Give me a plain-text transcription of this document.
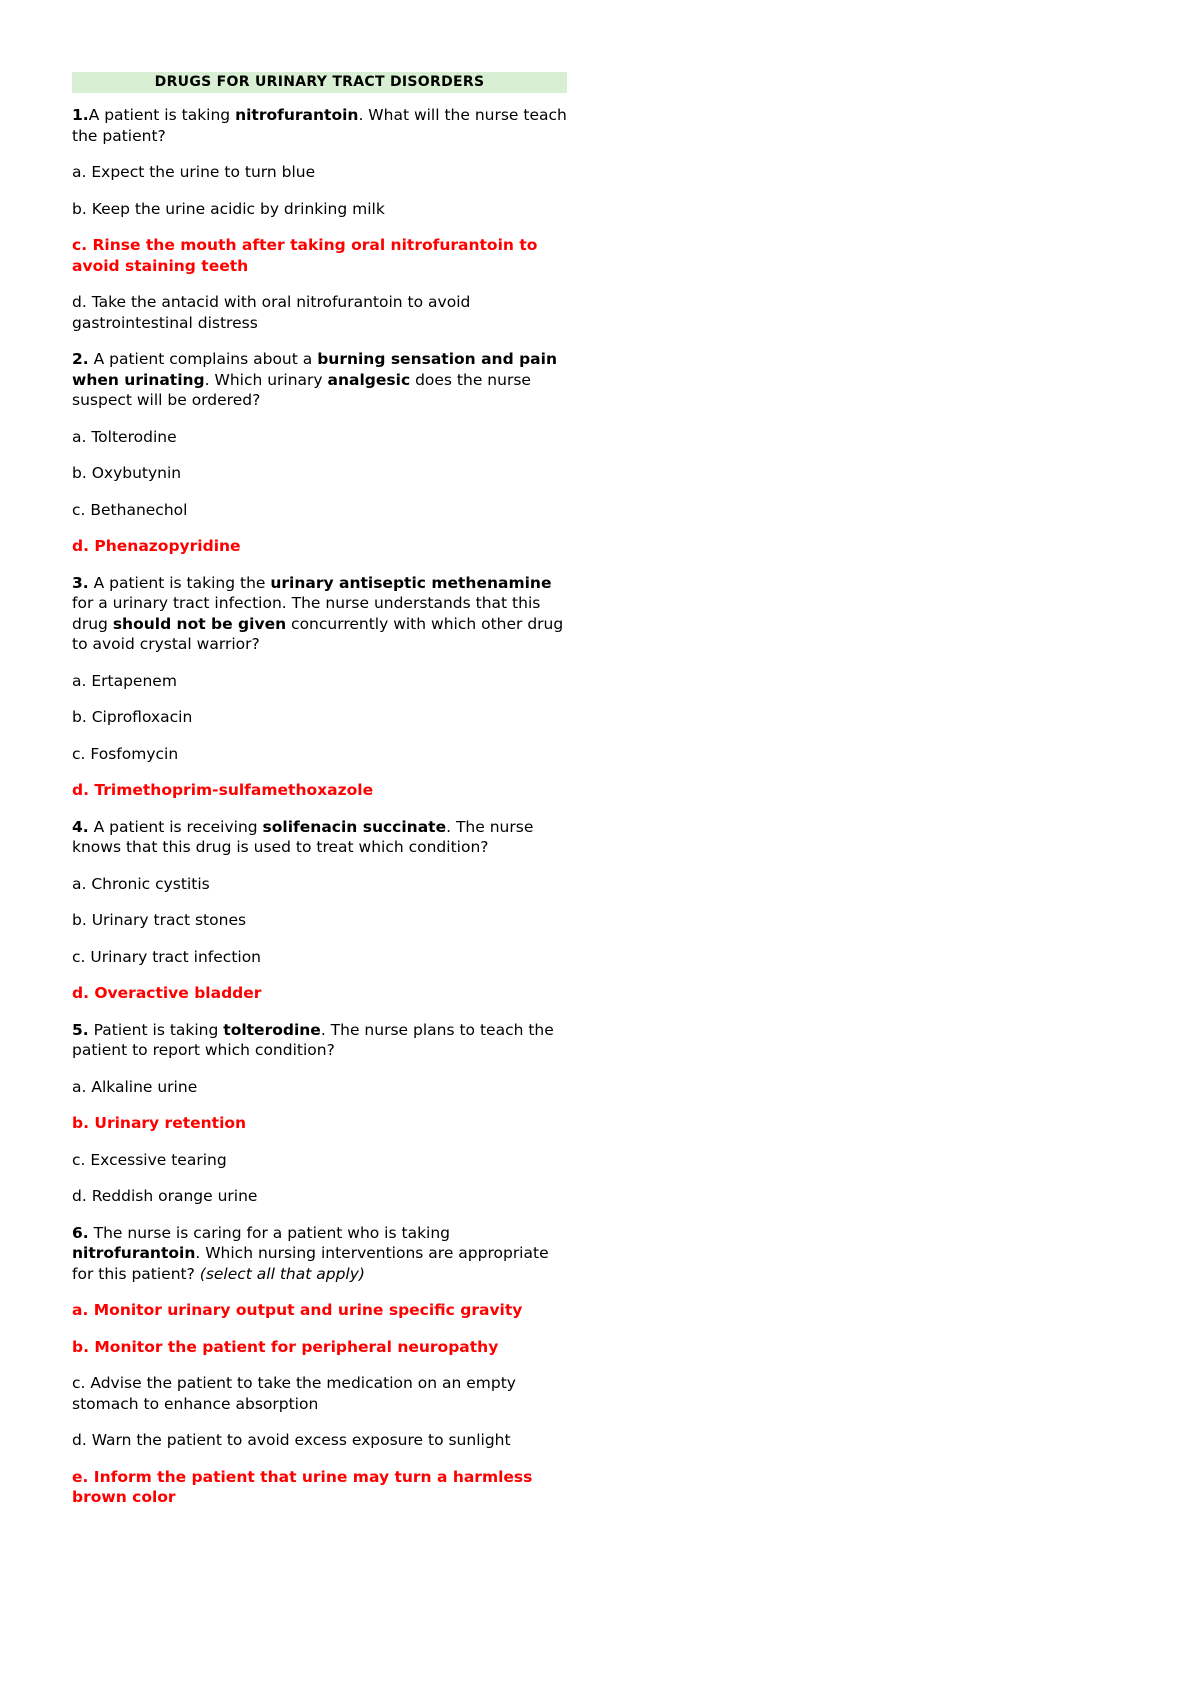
DRUGS FOR URINARY TRACT DISORDERS
1.A patient is taking nitrofurantoin. What will the nurse teach the patient?
a. Expect the urine to turn blue
b. Keep the urine acidic by drinking milk
c. Rinse the mouth after taking oral nitrofurantoin to avoid staining teeth
d. Take the antacid with oral nitrofurantoin to avoid gastrointestinal distress
2. A patient complains about a burning sensation and pain when urinating. Which urinary analgesic does the nurse suspect will be ordered?
a. Tolterodine
b. Oxybutynin
c. Bethanechol
d. Phenazopyridine
3. A patient is taking the urinary antiseptic methenamine for a urinary tract infection. The nurse understands that this drug should not be given concurrently with which other drug to avoid crystal warrior?
a. Ertapenem
b. Ciprofloxacin
c. Fosfomycin
d. Trimethoprim-sulfamethoxazole
4. A patient is receiving solifenacin succinate. The nurse knows that this drug is used to treat which condition?
a. Chronic cystitis
b. Urinary tract stones
c. Urinary tract infection
d. Overactive bladder
5. Patient is taking tolterodine. The nurse plans to teach the patient to report which condition?
a. Alkaline urine
b. Urinary retention
c. Excessive tearing
d. Reddish orange urine
6. The nurse is caring for a patient who is taking nitrofurantoin. Which nursing interventions are appropriate for this patient? (select all that apply)
a. Monitor urinary output and urine specific gravity
b. Monitor the patient for peripheral neuropathy
c. Advise the patient to take the medication on an empty stomach to enhance absorption
d. Warn the patient to avoid excess exposure to sunlight
e. Inform the patient that urine may turn a harmless brown color
